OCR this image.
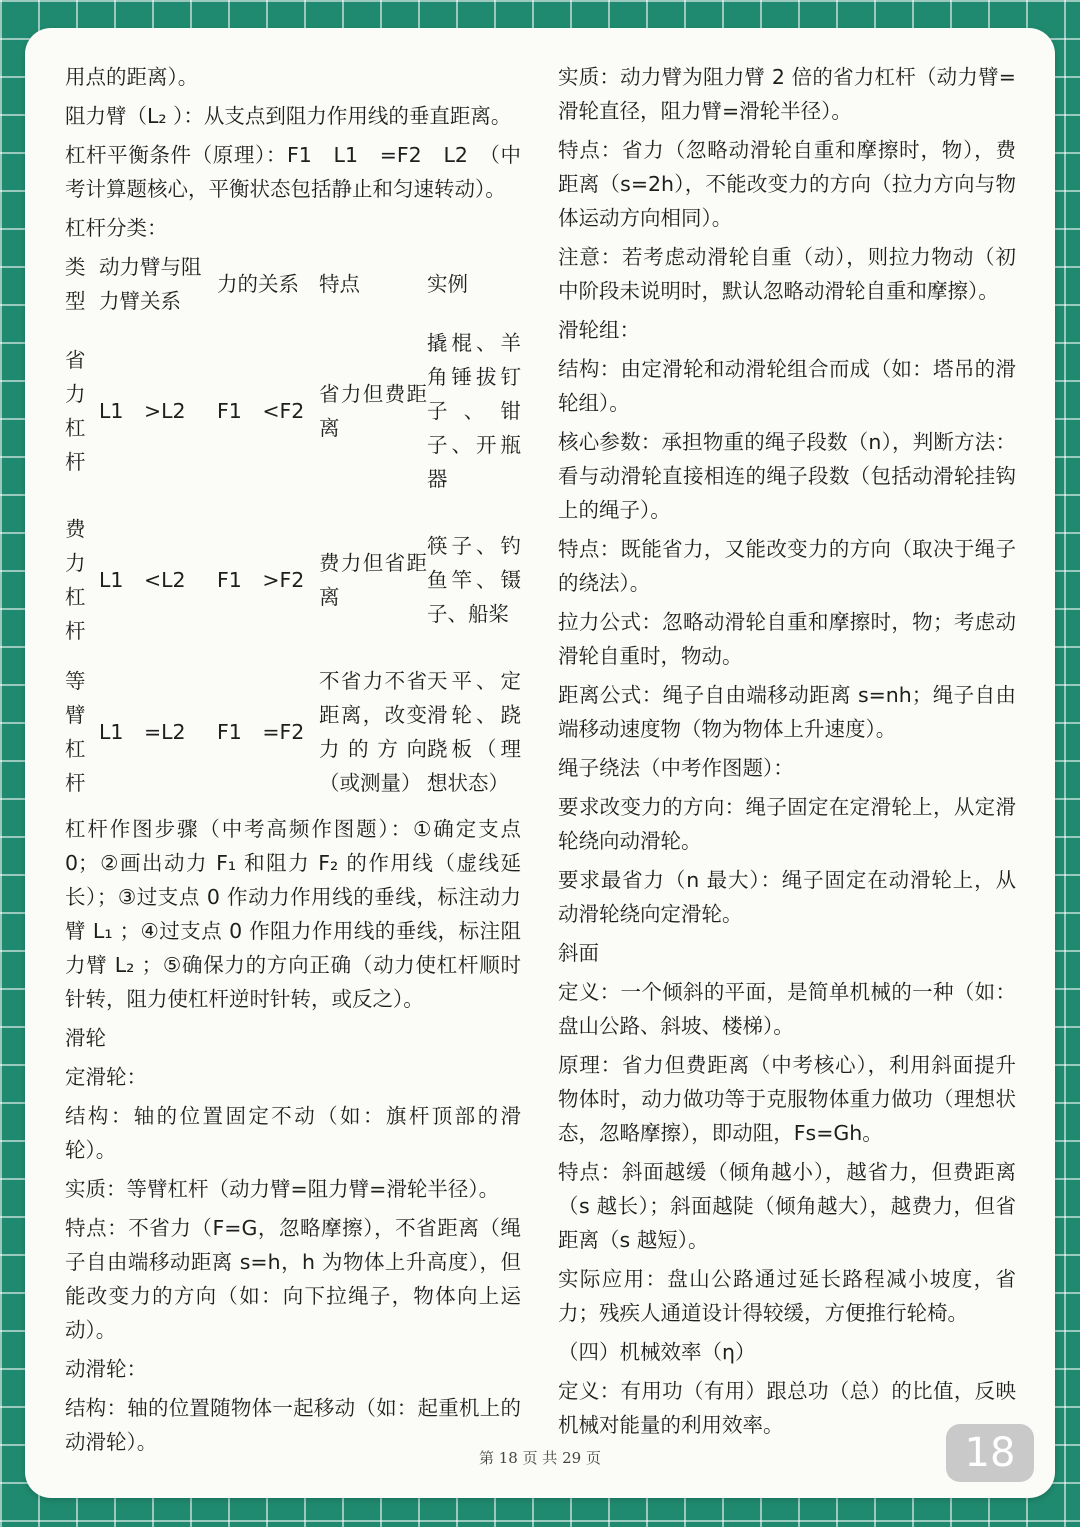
用点的距离）。

阻力臂（L₂ ）：从支点到阻力作用线的垂直距离。

杠杆平衡条件（原理）：F1　L1　=F2　L2　（中考计算题核心，平衡状态包括静止和匀速转动）。

杠杆分类：

类型	动力臂与阻力臂关系	力的关系	特点	实例
省力杠杆	L1　>L2	F1　<F2	省力但费距离	撬棍、羊角锤拔钉子、钳子、开瓶器
费力杠杆	L1　<L2	F1　>F2	费力但省距离	筷子、钓鱼竿、镊子、船桨
等臂杠杆	L1　=L2	F1　=F2	不省力不省距离，改变力的方向（或测量）	天平、定滑轮、跷跷板（理想状态）

杠杆作图步骤（中考高频作图题）：①确定支点 0；②画出动力 F₁ 和阻力 F₂ 的作用线（虚线延长）；③过支点 0 作动力作用线的垂线，标注动力臂 L₁ ；④过支点 0 作阻力作用线的垂线，标注阻力臂 L₂ ；⑤确保力的方向正确（动力使杠杆顺时针转，阻力使杠杆逆时针转，或反之）。

滑轮

定滑轮：

结构：轴的位置固定不动（如：旗杆顶部的滑轮）。

实质：等臂杠杆（动力臂=阻力臂=滑轮半径）。

特点：不省力（F=G，忽略摩擦），不省距离（绳子自由端移动距离 s=h，h 为物体上升高度），但能改变力的方向（如：向下拉绳子，物体向上运动）。

动滑轮：

结构：轴的位置随物体一起移动（如：起重机上的动滑轮）。

实质：动力臂为阻力臂 2 倍的省力杠杆（动力臂=滑轮直径，阻力臂=滑轮半径）。

特点：省力（忽略动滑轮自重和摩擦时，物），费距离（s=2h），不能改变力的方向（拉力方向与物体运动方向相同）。

注意：若考虑动滑轮自重（动），则拉力物动（初中阶段未说明时，默认忽略动滑轮自重和摩擦）。

滑轮组：

结构：由定滑轮和动滑轮组合而成（如：塔吊的滑轮组）。

核心参数：承担物重的绳子段数（n），判断方法：看与动滑轮直接相连的绳子段数（包括动滑轮挂钩上的绳子）。

特点：既能省力，又能改变力的方向（取决于绳子的绕法）。

拉力公式：忽略动滑轮自重和摩擦时，物；考虑动滑轮自重时，物动。

距离公式：绳子自由端移动距离 s=nh；绳子自由端移动速度物（物为物体上升速度）。

绳子绕法（中考作图题）：

要求改变力的方向：绳子固定在定滑轮上，从定滑轮绕向动滑轮。

要求最省力（n 最大）：绳子固定在动滑轮上，从动滑轮绕向定滑轮。

斜面

定义：一个倾斜的平面，是简单机械的一种（如：盘山公路、斜坡、楼梯）。

原理：省力但费距离（中考核心），利用斜面提升物体时，动力做功等于克服物体重力做功（理想状态，忽略摩擦），即动阻，Fs=Gh。

特点：斜面越缓（倾角越小），越省力，但费距离（s 越长）；斜面越陡（倾角越大），越费力，但省距离（s 越短）。

实际应用：盘山公路通过延长路程减小坡度，省力；残疾人通道设计得较缓，方便推行轮椅。

（四）机械效率（η）

定义：有用功（有用）跟总功（总）的比值，反映机械对能量的利用效率。

第 18 页 共 29 页	18
